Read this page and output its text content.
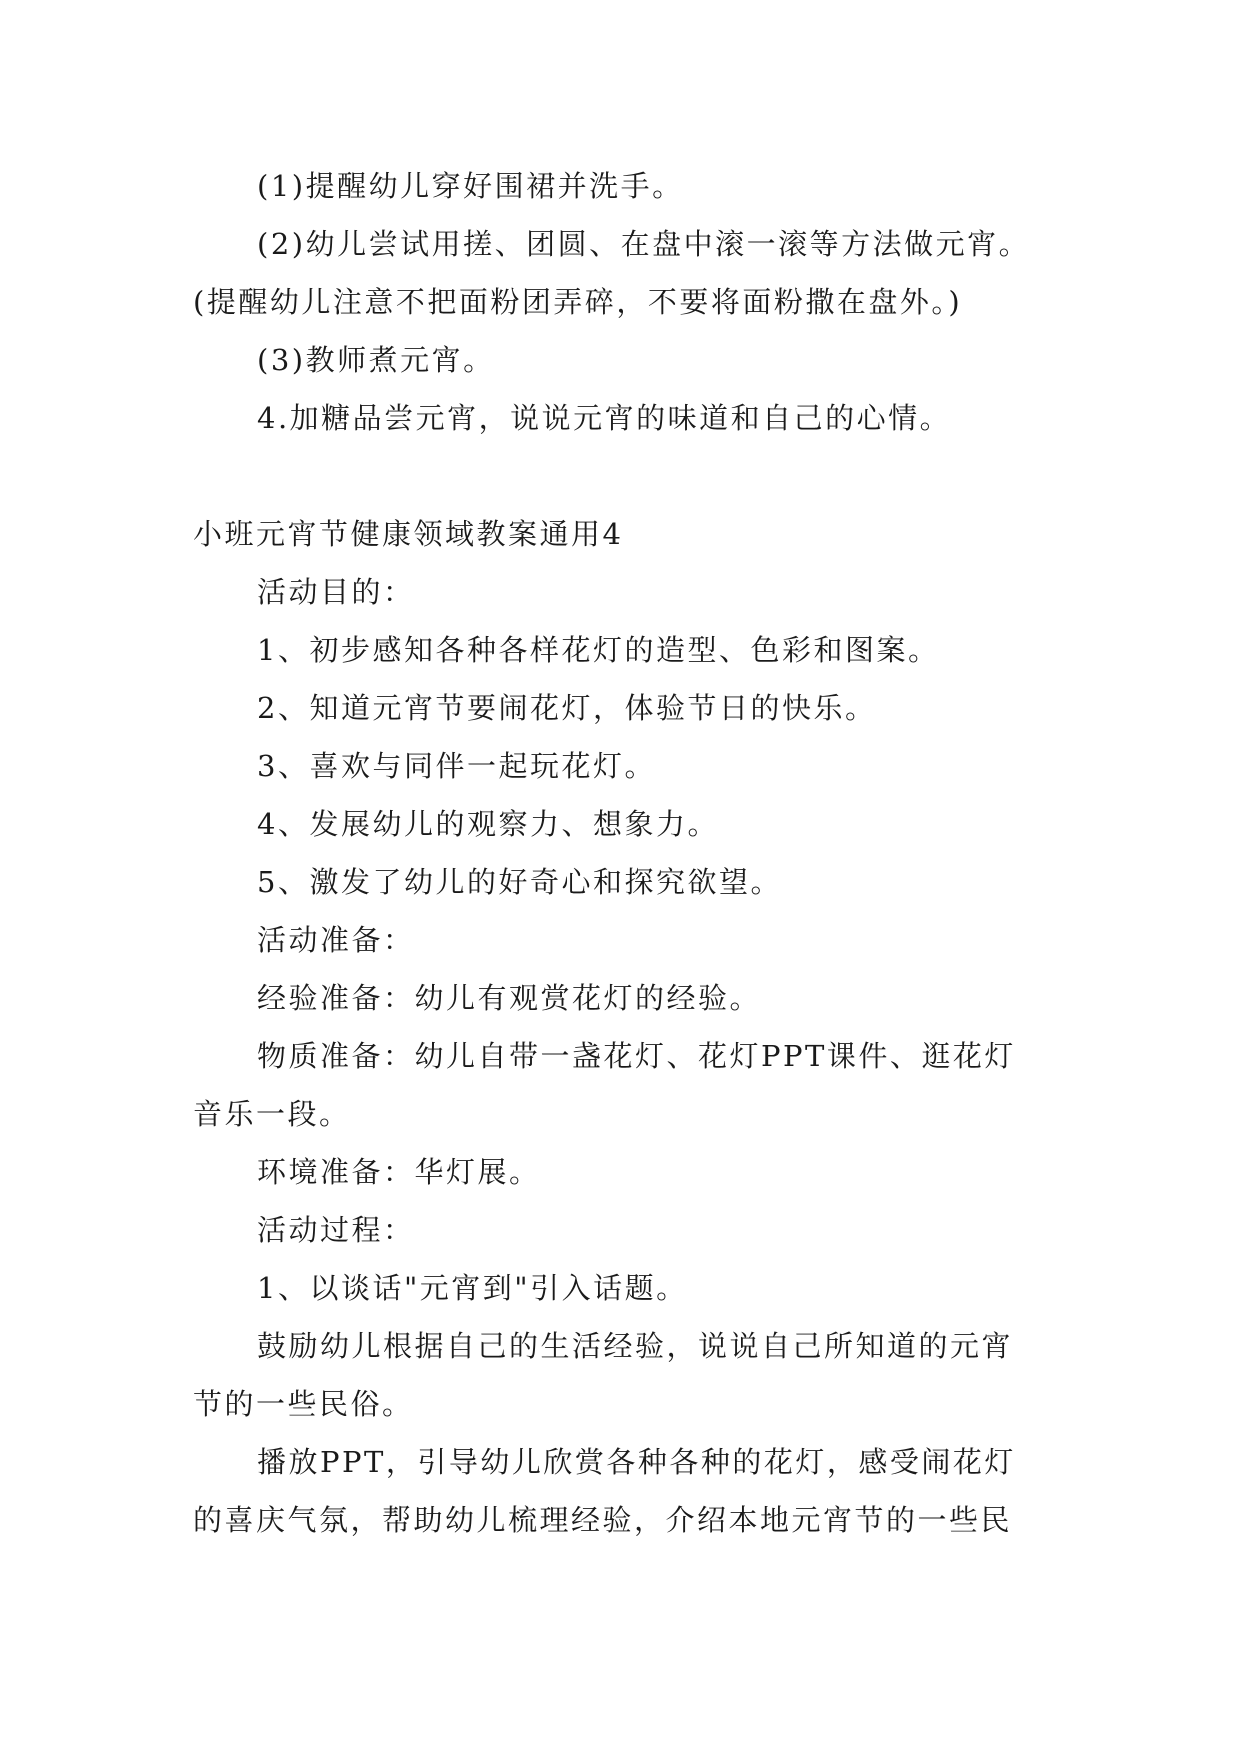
(1)提醒幼儿穿好围裙并洗手。
(2)幼儿尝试用搓、团圆、在盘中滚一滚等方法做元宵。
(提醒幼儿注意不把面粉团弄碎，不要将面粉撒在盘外。)
(3)教师煮元宵。
4.加糖品尝元宵，说说元宵的味道和自己的心情。
小班元宵节健康领域教案通用4
活动目的：
1、初步感知各种各样花灯的造型、色彩和图案。
2、知道元宵节要闹花灯，体验节日的快乐。
3、喜欢与同伴一起玩花灯。
4、发展幼儿的观察力、想象力。
5、激发了幼儿的好奇心和探究欲望。
活动准备：
经验准备：幼儿有观赏花灯的经验。
物质准备：幼儿自带一盏花灯、花灯PPT课件、逛花灯
音乐一段。
环境准备：华灯展。
活动过程：
1、以谈话"元宵到"引入话题。
鼓励幼儿根据自己的生活经验，说说自己所知道的元宵
节的一些民俗。
播放PPT，引导幼儿欣赏各种各种的花灯，感受闹花灯
的喜庆气氛，帮助幼儿梳理经验，介绍本地元宵节的一些民
